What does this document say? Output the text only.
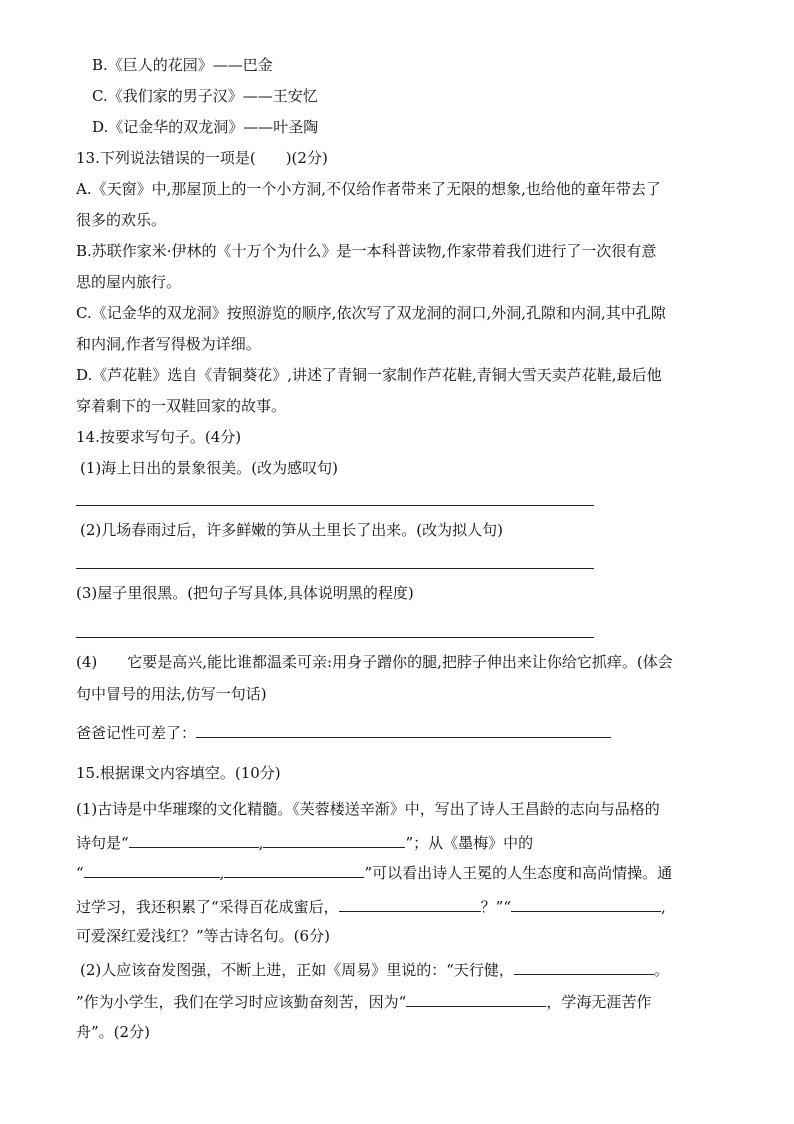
B.《巨人的花园》——巴金
C.《我们家的男子汉》——王安忆
D.《记金华的双龙洞》——叶圣陶
13.下列说法错误的一项是(　　)(2分)
A.《天窗》中,那屋顶上的一个小方洞,不仅给作者带来了无限的想象,也给他的童年带去了
很多的欢乐。
B.苏联作家米·伊林的《十万个为什么》是一本科普读物,作家带着我们进行了一次很有意
思的屋内旅行。
C.《记金华的双龙洞》按照游览的顺序,依次写了双龙洞的洞口,外洞,孔隙和内洞,其中孔隙
和内洞,作者写得极为详细。
D.《芦花鞋》选自《青铜葵花》,讲述了青铜一家制作芦花鞋,青铜大雪天卖芦花鞋,最后他
穿着剩下的一双鞋回家的故事。
14.按要求写句子。(4分)
(1)海上日出的景象很美。(改为感叹句)
(2)几场春雨过后，许多鲜嫩的笋从土里长了出来。(改为拟人句)
(3)屋子里很黑。(把句子写具体,具体说明黑的程度)
(4)　　它要是高兴,能比谁都温柔可亲:用身子蹭你的腿,把脖子伸出来让你给它抓痒。(体会
句中冒号的用法,仿写一句话)
爸爸记性可差了：
15.根据课文内容填空。(10分)
(1)古诗是中华璀璨的文化精髓。《芙蓉楼送辛渐》中，写出了诗人王昌龄的志向与品格的
诗句是“	,	”；从《墨梅》中的
“	,	”可以看出诗人王冕的人生态度和高尚情操。通
过学习，我还积累了“采得百花成蜜后，	？”“	,
可爱深红爱浅红？”等古诗名句。(6分)
(2)人应该奋发图强，不断上进，正如《周易》里说的：“天行健，	。
”作为小学生，我们在学习时应该勤奋刻苦，因为“	，学海无涯苦作
舟”。(2分)
